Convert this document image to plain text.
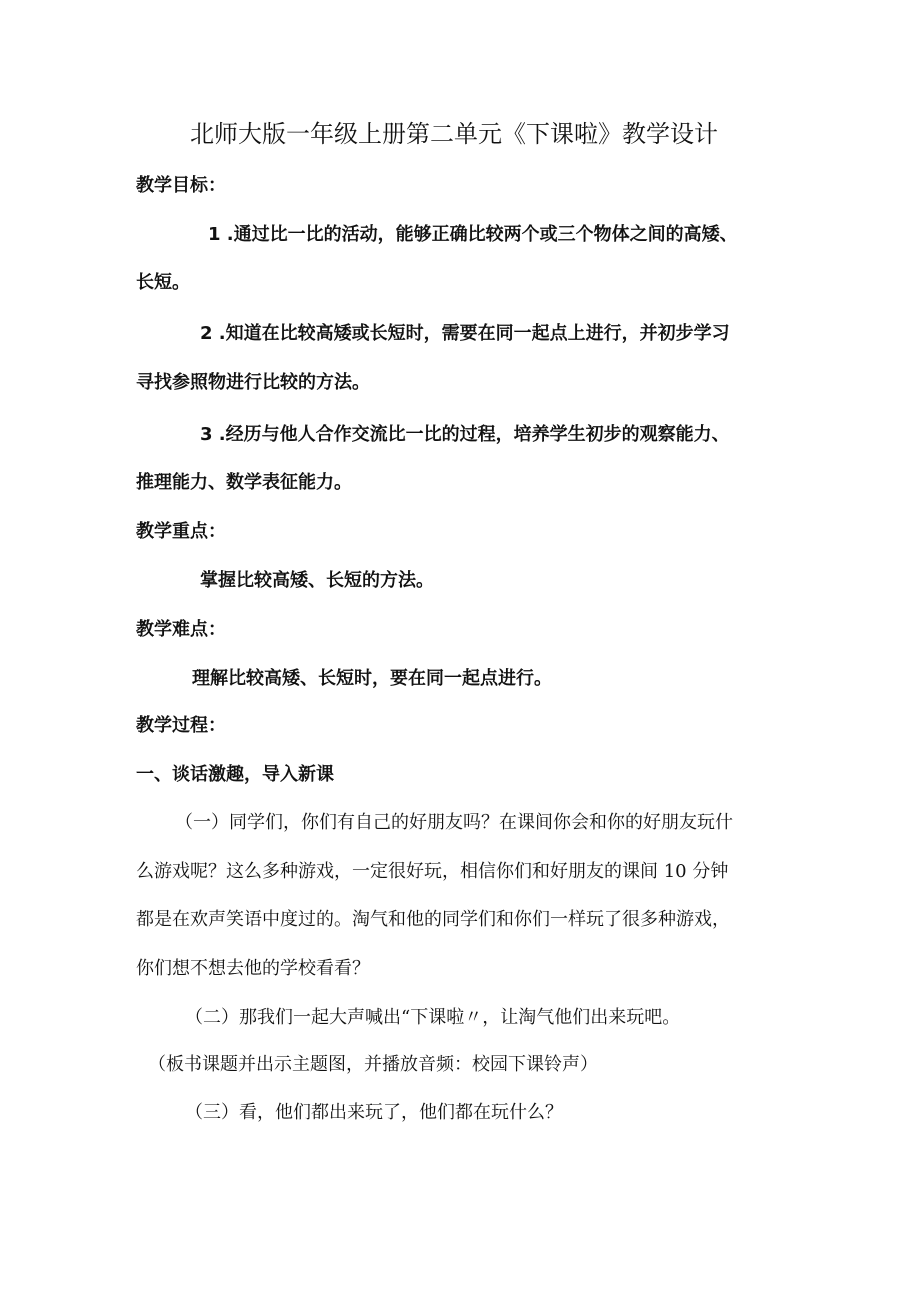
北师大版一年级上册第二单元《下课啦》教学设计
教学目标：
1 .通过比一比的活动，能够正确比较两个或三个物体之间的高矮、
长短。
2 .知道在比较高矮或长短时，需要在同一起点上进行，并初步学习
寻找参照物进行比较的方法。
3 .经历与他人合作交流比一比的过程，培养学生初步的观察能力、
推理能力、数学表征能力。
教学重点：
掌握比较高矮、长短的方法。
教学难点：
理解比较高矮、长短时，要在同一起点进行。
教学过程：
一、谈话激趣，导入新课
（一）同学们，你们有自己的好朋友吗？在课间你会和你的好朋友玩什
么游戏呢？这么多种游戏，一定很好玩，相信你们和好朋友的课间 10 分钟
都是在欢声笑语中度过的。淘气和他的同学们和你们一样玩了很多种游戏，
你们想不想去他的学校看看？
（二）那我们一起大声喊出“下课啦〃，让淘气他们出来玩吧。
（板书课题并出示主题图，并播放音频：校园下课铃声）
（三）看，他们都出来玩了，他们都在玩什么？
